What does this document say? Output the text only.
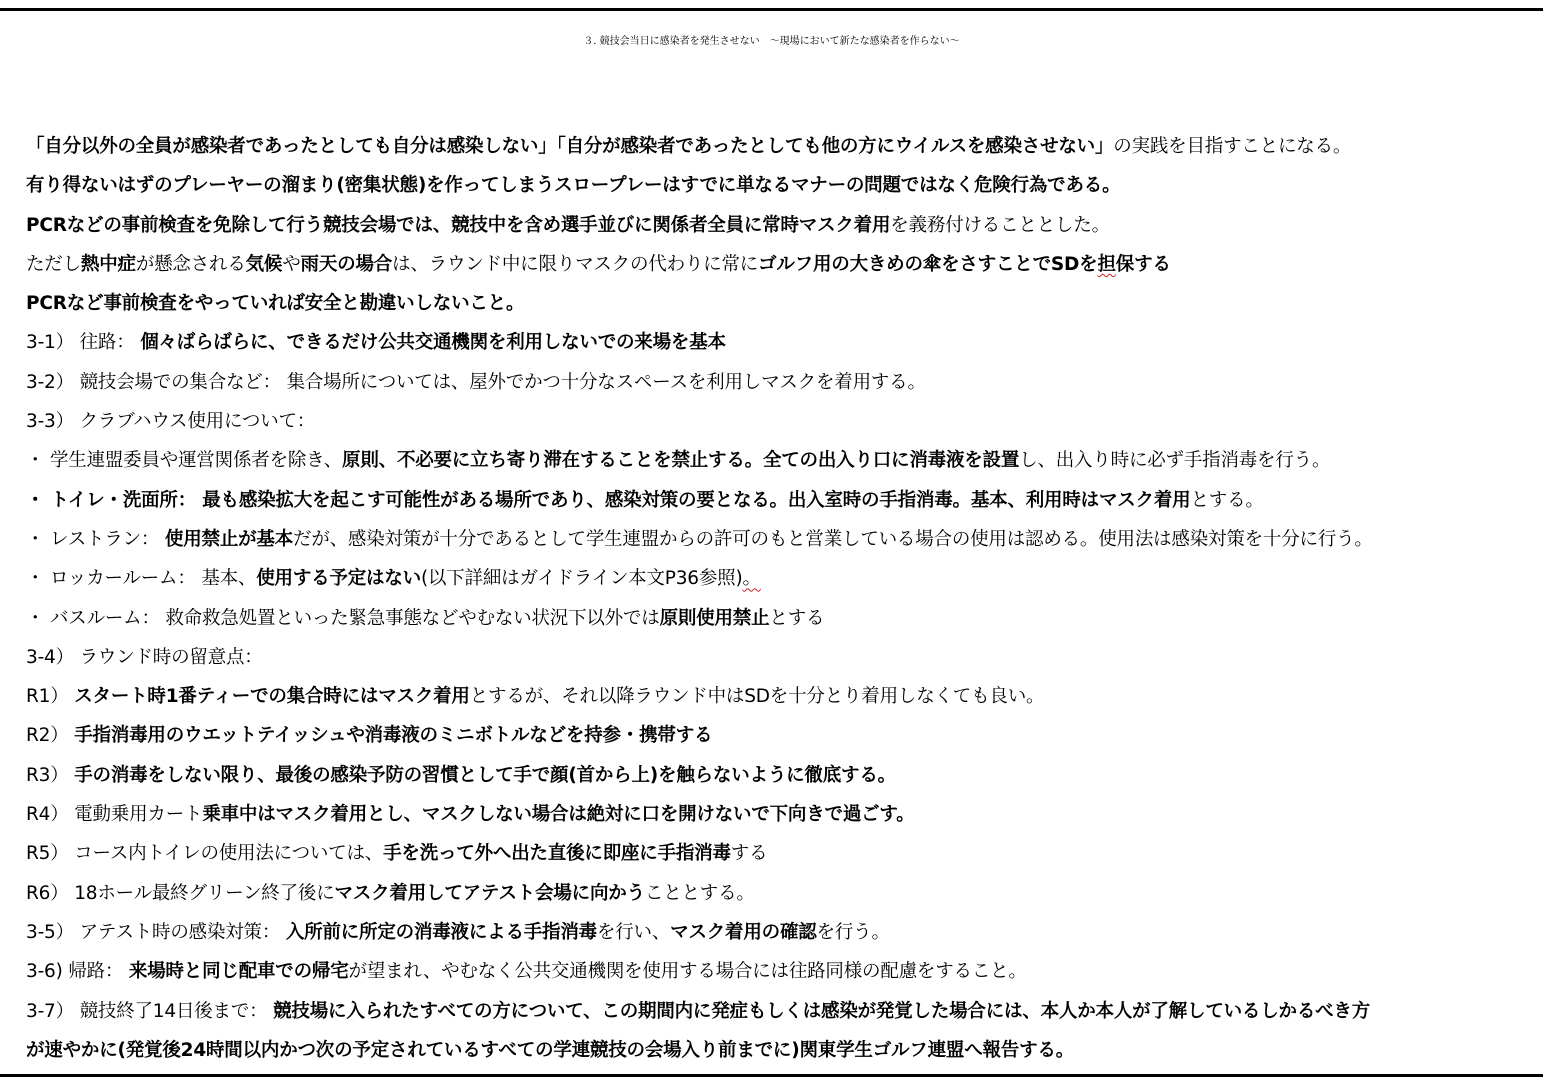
３. 競技会当日に感染者を発生させない　～現場において新たな感染者を作らない～
「自分以外の全員が感染者であったとしても自分は感染しない」「自分が感染者であったとしても他の方にウイルスを感染させない」の実践を目指すことになる。
有り得ないはずのプレーヤーの溜まり(密集状態)を作ってしまうスロープレーはすでに単なるマナーの問題ではなく危険行為である。
PCRなどの事前検査を免除して行う競技会場では、競技中を含め選手並びに関係者全員に常時マスク着用を義務付けることとした。
ただし熱中症が懸念される気候や雨天の場合は、ラウンド中に限りマスクの代わりに常にゴルフ用の大きめの傘をさすことでSDを担保する
PCRなど事前検査をやっていれば安全と勘違いしないこと。
3-1） 往路： 個々ばらばらに、できるだけ公共交通機関を利用しないでの来場を基本
3-2） 競技会場での集合など： 集合場所については、屋外でかつ十分なスペースを利用しマスクを着用する。
3-3） クラブハウス使用について：
・ 学生連盟委員や運営関係者を除き、原則、不必要に立ち寄り滞在することを禁止する。全ての出入り口に消毒液を設置し、出入り時に必ず手指消毒を行う。
・ トイレ・洗面所： 最も感染拡大を起こす可能性がある場所であり、感染対策の要となる。出入室時の手指消毒。基本、利用時はマスク着用とする。
・ レストラン： 使用禁止が基本だが、感染対策が十分であるとして学生連盟からの許可のもと営業している場合の使用は認める。使用法は感染対策を十分に行う。
・ ロッカールーム： 基本、使用する予定はない(以下詳細はガイドライン本文P36参照)。
・ バスルーム： 救命救急処置といった緊急事態などやむない状況下以外では原則使用禁止とする
3-4） ラウンド時の留意点：
R1） スタート時1番ティーでの集合時にはマスク着用とするが、それ以降ラウンド中はSDを十分とり着用しなくても良い。
R2） 手指消毒用のウエットテイッシュや消毒液のミニボトルなどを持参・携帯する
R3） 手の消毒をしない限り、最後の感染予防の習慣として手で顔(首から上)を触らないように徹底する。
R4） 電動乗用カート乗車中はマスク着用とし、マスクしない場合は絶対に口を開けないで下向きで過ごす。
R5） コース内トイレの使用法については、手を洗って外へ出た直後に即座に手指消毒する
R6） 18ホール最終グリーン終了後にマスク着用してアテスト会場に向かうこととする。
3-5） アテスト時の感染対策： 入所前に所定の消毒液による手指消毒を行い、マスク着用の確認を行う。
3-6) 帰路： 来場時と同じ配車での帰宅が望まれ、やむなく公共交通機関を使用する場合には往路同様の配慮をすること。
3-7） 競技終了14日後まで： 競技場に入られたすべての方について、この期間内に発症もしくは感染が発覚した場合には、本人か本人が了解しているしかるべき方
が速やかに(発覚後24時間以内かつ次の予定されているすべての学連競技の会場入り前までに)関東学生ゴルフ連盟へ報告する。
